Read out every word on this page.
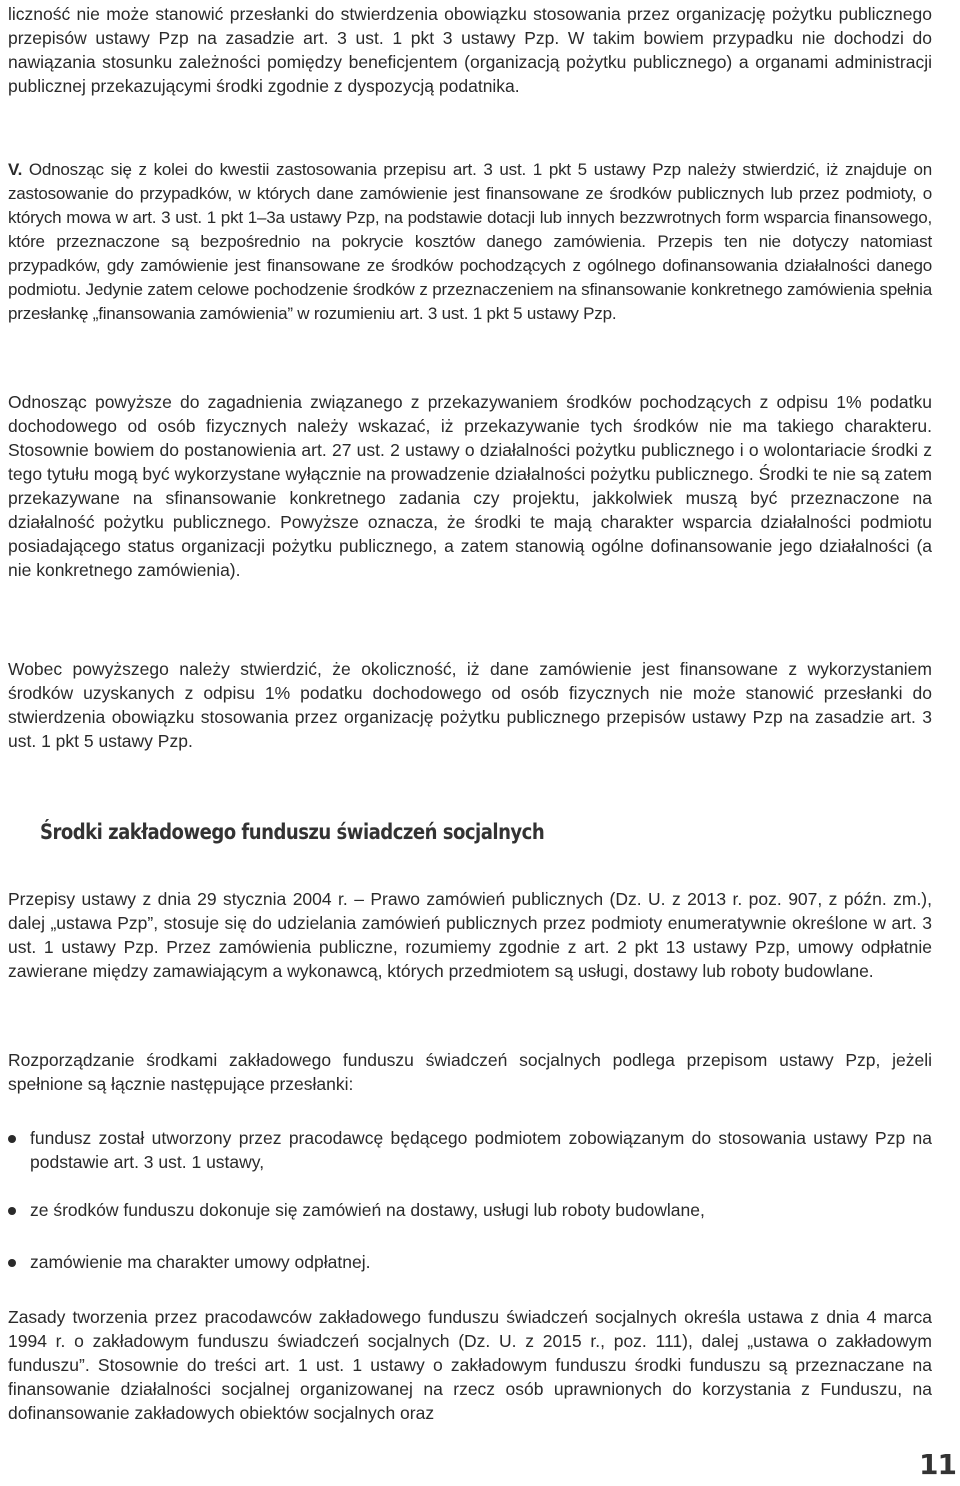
liczność nie może stanowić przesłanki do stwierdzenia obowiązku stosowania przez organizację pożytku publicznego przepisów ustawy Pzp na zasadzie art. 3 ust. 1 pkt 3 ustawy Pzp. W takim bowiem przypadku nie dochodzi do nawiązania stosunku zależności pomiędzy beneficjentem (organizacją pożytku publicznego) a organami administracji publicznej przekazującymi środki zgodnie z dyspozycją podatnika.

V. Odnosząc się z kolei do kwestii zastosowania przepisu art. 3 ust. 1 pkt 5 ustawy Pzp należy stwierdzić, iż znajduje on zastosowanie do przypadków, w których dane zamówienie jest finansowane ze środków publicznych lub przez podmioty, o których mowa w art. 3 ust. 1 pkt 1–3a ustawy Pzp, na podstawie dotacji lub innych bezzwrotnych form wsparcia finansowego, które przeznaczone są bezpośrednio na pokrycie kosztów danego zamówienia. Przepis ten nie dotyczy natomiast przypadków, gdy zamówienie jest finansowane ze środków pochodzących z ogólnego dofinansowania działalności danego podmiotu. Jedynie zatem celowe pochodzenie środków z przeznaczeniem na sfinansowanie konkretnego zamówienia spełnia przesłankę „finansowania zamówienia” w rozumieniu art. 3 ust. 1 pkt 5 ustawy Pzp.

Odnosząc powyższe do zagadnienia związanego z przekazywaniem środków pochodzących z odpisu 1% podatku dochodowego od osób fizycznych należy wskazać, iż przekazywanie tych środków nie ma takiego charakteru. Stosownie bowiem do postanowienia art. 27 ust. 2 ustawy o działalności pożytku publicznego i o wolontariacie środki z tego tytułu mogą być wykorzystane wyłącznie na prowadzenie działalności pożytku publicznego. Środki te nie są zatem przekazywane na sfinansowanie konkretnego zadania czy projektu, jakkolwiek muszą być przeznaczone na działalność pożytku publicznego. Powyższe oznacza, że środki te mają charakter wsparcia działalności podmiotu posiadającego status organizacji pożytku publicznego, a zatem stanowią ogólne dofinansowanie jego działalności (a nie konkretnego zamówienia).

Wobec powyższego należy stwierdzić, że okoliczność, iż dane zamówienie jest finansowane z wykorzystaniem środków uzyskanych z odpisu 1% podatku dochodowego od osób fizycznych nie może stanowić przesłanki do stwierdzenia obowiązku stosowania przez organizację pożytku publicznego przepisów ustawy Pzp na zasadzie art. 3 ust. 1 pkt 5 ustawy Pzp.

Środki zakładowego funduszu świadczeń socjalnych

Przepisy ustawy z dnia 29 stycznia 2004 r. – Prawo zamówień publicznych (Dz. U. z 2013 r. poz. 907, z późn. zm.), dalej „ustawa Pzp”, stosuje się do udzielania zamówień publicznych przez podmioty enumeratywnie określone w art. 3 ust. 1 ustawy Pzp. Przez zamówienia publiczne, rozumiemy zgodnie z art. 2 pkt 13 ustawy Pzp, umowy odpłatnie zawierane między zamawiającym a wykonawcą, których przedmiotem są usługi, dostawy lub roboty budowlane.

Rozporządzanie środkami zakładowego funduszu świadczeń socjalnych podlega przepisom ustawy Pzp, jeżeli spełnione są łącznie następujące przesłanki:

fundusz został utworzony przez pracodawcę będącego podmiotem zobowiązanym do stosowania ustawy Pzp na podstawie art. 3 ust. 1 ustawy,
ze środków funduszu dokonuje się zamówień na dostawy, usługi lub roboty budowlane,
zamówienie ma charakter umowy odpłatnej.

Zasady tworzenia przez pracodawców zakładowego funduszu świadczeń socjalnych określa ustawa z dnia 4 marca 1994 r. o zakładowym funduszu świadczeń socjalnych (Dz. U. z 2015 r., poz. 111), dalej „ustawa o zakładowym funduszu”. Stosownie do treści art. 1 ust. 1 ustawy o zakładowym funduszu środki funduszu są przeznaczane na finansowanie działalności socjalnej organizowanej na rzecz osób uprawnionych do korzystania z Funduszu, na dofinansowanie zakładowych obiektów socjalnych oraz

11
